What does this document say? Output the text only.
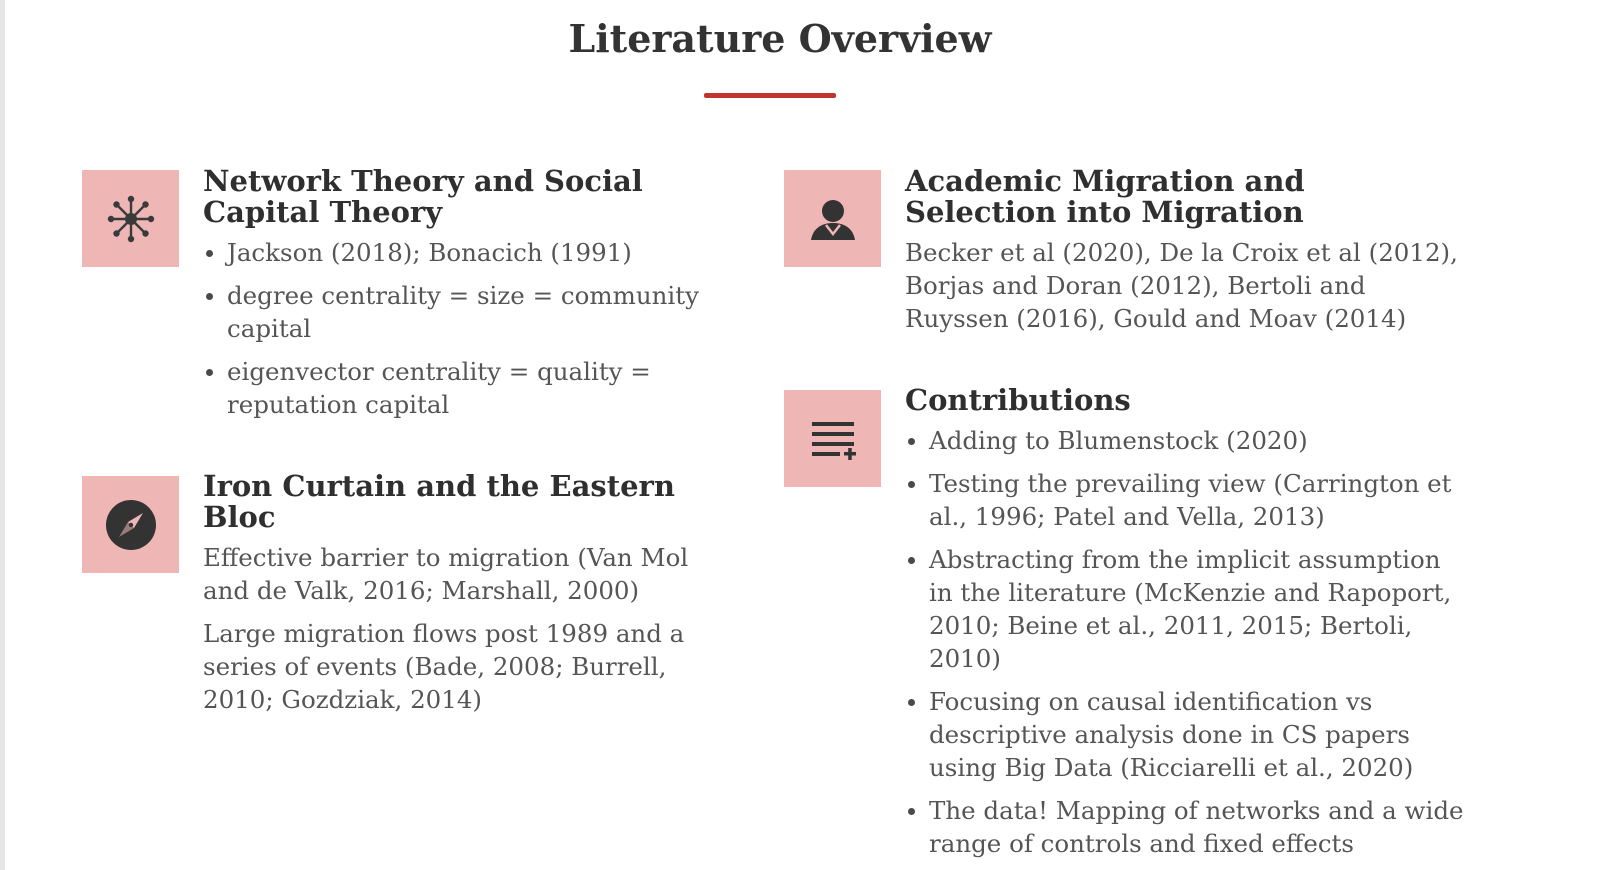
Literature Overview
Network Theory and Social Capital Theory
Jackson (2018); Bonacich (1991)
degree centrality = size = community capital
eigenvector centrality = quality = reputation capital
Iron Curtain and the Eastern Bloc

Effective barrier to migration (Van Mol and de Valk, 2016; Marshall, 2000)

Large migration flows post 1989 and a series of events (Bade, 2008; Burrell, 2010; Gozdziak, 2014)

Academic Migration and Selection into Migration

Becker et al (2020), De la Croix et al (2012), Borjas and Doran (2012), Bertoli and Ruyssen (2016), Gould and Moav (2014)

Contributions
Adding to Blumenstock (2020)
Testing the prevailing view (Carrington et al., 1996; Patel and Vella, 2013)
Abstracting from the implicit assumption in the literature (McKenzie and Rapoport, 2010; Beine et al., 2011, 2015; Bertoli, 2010)
Focusing on causal identification vs descriptive analysis done in CS papers using Big Data (Ricciarelli et al., 2020)
The data! Mapping of networks and a wide range of controls and fixed effects
